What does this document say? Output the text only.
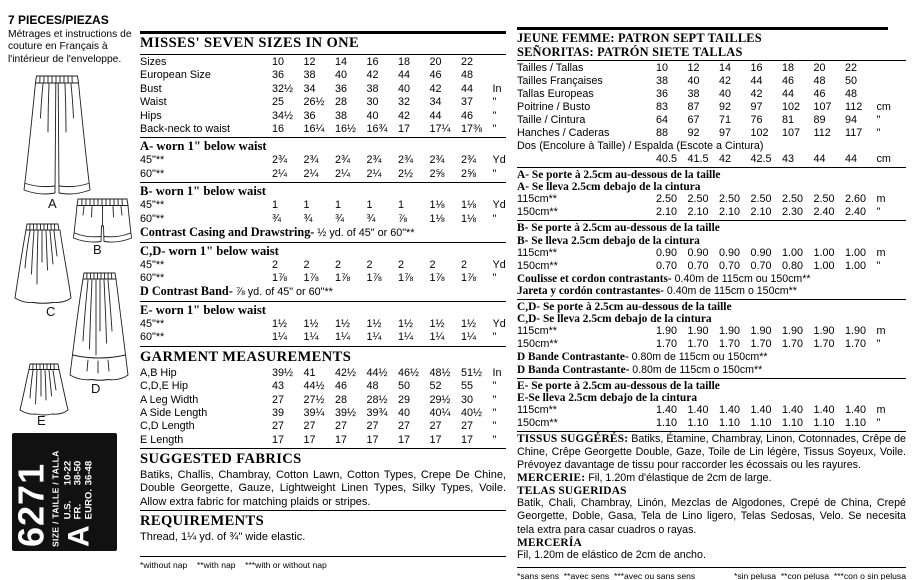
7 PIECES/PIEZAS
Métrages et instructions de couture en Français à l'intérieur de l'enveloppe.
A
B
C
D
E
6271 SIZE / TAILLE / TALLA A
U.S.
10-22
FR.
38-50
EURO.
36-48
MISSES' SEVEN SIZES IN ONE
Sizes	10	12	14	16	18	20	22
European Size	36	38	40	42	44	46	48
Bust	32½ 34	36	38	40	42	44	In
Waist	25	26½ 28	30	32	34	37	"
Hips	34½ 36	38	40	42	44	46	"
Back-neck to waist	16	16¼ 16½ 16¾ 17	17¼ 17⅜ "
A- worn 1" below waist
45"**	2¾	2¾	2¾	2¾	2¾	2¾	2¾	Yd
60"**	2¼	2¼	2¼	2¼	2½	2⅝	2⅝	"
B- worn 1" below waist
45"**	1	1	1	1	1	1⅛	1⅛	Yd
60"**	¾	¾	¾	¾	⅞	1⅛	1⅛	"
Contrast Casing and Drawstring- ½ yd. of 45" or 60"**
C,D- worn 1" below waist
45"**	2	2	2	2	2	2	2	Yd
60"**	1⅞	1⅞	1⅞	1⅞	1⅞	1⅞	1⅞	"
D Contrast Band- ⅞ yd. of 45" or 60"**
E- worn 1" below waist
45"**	1½	1½	1½	1½	1½	1½	1½	Yd
60"**	1¼	1¼	1¼	1¼	1¼	1¼	1¼	"
GARMENT MEASUREMENTS
A,B Hip	39½ 41	42½ 44½ 46½ 48½ 51½ In
C,D,E Hip	43	44½ 46	48	50	52	55	"
A Leg Width	27	27½ 28	28½ 29	29½ 30	"
A Side Length	39	39¼ 39½ 39¾ 40	40¼ 40½ "
C,D Length	27	27	27	27	27	27	27	"
E Length	17	17	17	17	17	17	17	"
SUGGESTED FABRICS

Batiks, Challis, Chambray, Cotton Lawn, Cotton Types, Crepe De Chine, Double Georgette, Gauze, Lightweight Linen Types, Silky Types, Voile. Allow extra fabric for matching plaids or stripes.

REQUIREMENTS

Thread, 1¼ yd. of ¾" wide elastic.

*without nap    **with nap    ***with or without nap
JEUNE FEMME: PATRON SEPT TAILLES
SEÑORITAS: PATRÓN SIETE TALLAS
Tailles / Tallas	10	12	14	16	18	20	22
Tailles Françaises	38	40	42	44	46	48	50
Tallas Europeas	36	38	40	42	44	46	48
Poitrine / Busto	83	87	92	97	102	107	112	cm
Taille / Cintura	64	67	71	76	81	89	94	"
Hanches / Caderas	88	92	97	102	107	112	117	"
Dos (Encolure à Taille) / Espalda (Escote a Cintura)
40.5 41.5 42	42.5 43	44	44	cm
A- Se porte à 2.5cm au-dessous de la taille
A- Se lleva 2.5cm debajo de la cintura
115cm**	2.50 2.50 2.50 2.50 2.50 2.50 2.60 m
150cm**	2.10 2.10 2.10 2.10 2.30 2.40 2.40 "
B- Se porte à 2.5cm au-dessous de la taille
B- Se lleva 2.5cm debajo de la cintura
115cm**	0.90 0.90 0.90 0.90 1.00 1.00 1.00 m
150cm**	0.70 0.70 0.70 0.70 0.80 1.00 1.00 "
Coulisse et cordon contrastants- 0.40m de 115cm ou 150cm**
Jareta y cordón contrastantes- 0.40m de 115cm o 150cm**
C,D- Se porte à 2.5cm au-dessous de la taille
C,D- Se lleva 2.5cm debajo de la cintura
115cm**	1.90 1.90 1.90 1.90 1.90 1.90 1.90 m
150cm**	1.70 1.70 1.70 1.70 1.70 1.70 1.70 "
D Bande Contrastante- 0.80m de 115cm ou 150cm**
D Banda Contrastante- 0.80m de 115cm o 150cm**
E- Se porte à 2.5cm au-dessous de la taille
E-Se lleva 2.5cm debajo de la cintura
115cm**	1.40 1.40 1.40 1.40 1.40 1.40 1.40 m
150cm**	1.10 1.10 1.10 1.10 1.10 1.10 1.10 "

TISSUS SUGGÉRÉS: Batiks, Étamine, Chambray, Linon, Cotonnades, Crêpe de Chine, Crêpe Georgette Double, Gaze, Toile de Lin légère, Tissus Soyeux, Voile. Prévoyez davantage de tissu pour raccorder les écossais ou les rayures.

MERCERIE: Fil, 1.20m d'élastique de 2cm de large.

TELAS SUGERIDAS

Batik, Chali, Chambray, Linón, Mezclas de Algodones, Crepé de China, Crepé Georgette, Doble, Gasa, Tela de Lino ligero, Telas Sedosas, Velo. Se necesita tela extra para casar cuadros o rayas.

MERCERÍA

Fil, 1.20m de elástico de 2cm de ancho.

*sans sens  **avec sens  ***avec ou sans sens	*sin pelusa  **con pelusa  ***con o sin pelusa
